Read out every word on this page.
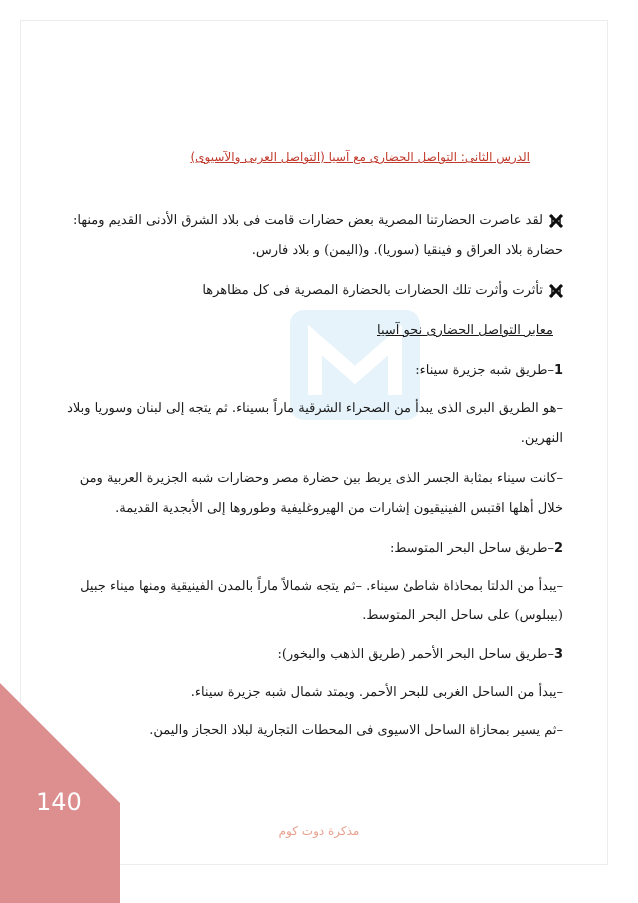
الدرس الثانى: التواصل الحضارى مع آسيا (التواصل العربى والآسيوى)
لقد عاصرت الحضارتنا المصرية بعض حضارات قامت فى بلاد الشرق الأدنى القديم ومنها:
حضارة بلاد العراق و فينقيا (سوريا). و(اليمن) و بلاد فارس.
تأثرت وأثرت تلك الحضارات بالحضارة المصرية فى كل مظاهرها
معابر التواصل الحضارى نحو آسيا
1–طريق شبه جزيرة سيناء:
–هو الطريق البرى الذى يبدأ من الصحراء الشرقية ماراً بسيناء. ثم يتجه إلى لبنان وسوريا وبلاد
النهرين.
–كانت سيناء بمثابة الجسر الذى يربط بين حضارة مصر وحضارات شبه الجزيرة العربية ومن
خلال أهلها اقتبس الفينيقيون إشارات من الهيروغليفية وطوروها إلى الأبجدية القديمة.
2–طريق ساحل البحر المتوسط:
–يبدأ من الدلتا بمحاذاة شاطئ سيناء. –ثم يتجه شمالاً ماراً بالمدن الفينيقية ومنها ميناء جبيل
(بيبلوس) على ساحل البحر المتوسط.
3–طريق ساحل البحر الأحمر (طريق الذهب والبخور):
–يبدأ من الساحل الغربى للبحر الأحمر. ويمتد شمال شبه جزيرة سيناء.
–ثم يسير بمحازاة الساحل الاسيوى فى المحطات التجارية لبلاد الحجاز واليمن.
140
مذكرة دوت كوم
